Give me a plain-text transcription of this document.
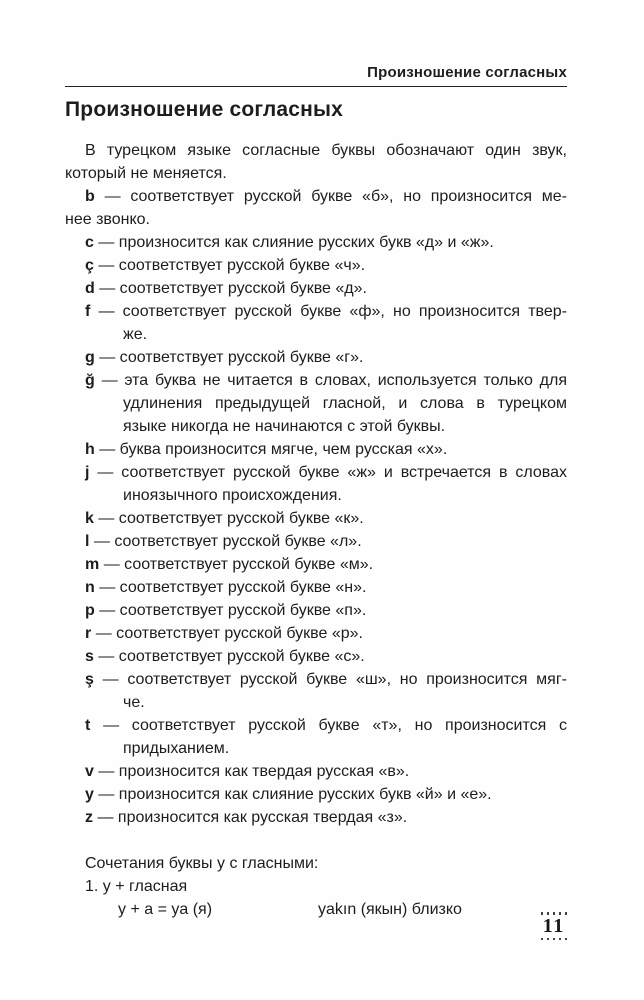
Произношение согласных
Произношение согласных
В турецком языке согласные буквы обозначают один звук,
который не меняется.
b — соответствует русской букве «б», но произносится ме-
нее звонко.
c — произносится как слияние русских букв «д» и «ж».
ç — соответствует русской букве «ч».
d — соответствует русской букве «д».
f — соответствует русской букве «ф», но произносится твер-
же.
g — соответствует русской букве «г».
ğ — эта буква не читается в словах, используется только для
удлинения предыдущей гласной, и слова в турецком
языке никогда не начинаются с этой буквы.
h — буква произносится мягче, чем русская «х».
j — соответствует русской букве «ж» и встречается в словах
иноязычного происхождения.
k — соответствует русской букве «к».
l — соответствует русской букве «л».
m — соответствует русской букве «м».
n — соответствует русской букве «н».
p — соответствует русской букве «п».
r — соответствует русской букве «р».
s — соответствует русской букве «с».
ş — соответствует русской букве «ш», но произносится мяг-
че.
t — соответствует русской букве «т», но произносится с
придыханием.
v — произносится как твердая русская «в».
y — произносится как слияние русских букв «й» и «е».
z — произносится как русская твердая «з».
Сочетания буквы y с гласными:
1. y + гласная
y + a = ya (я)	yakın (якын) близко
11
